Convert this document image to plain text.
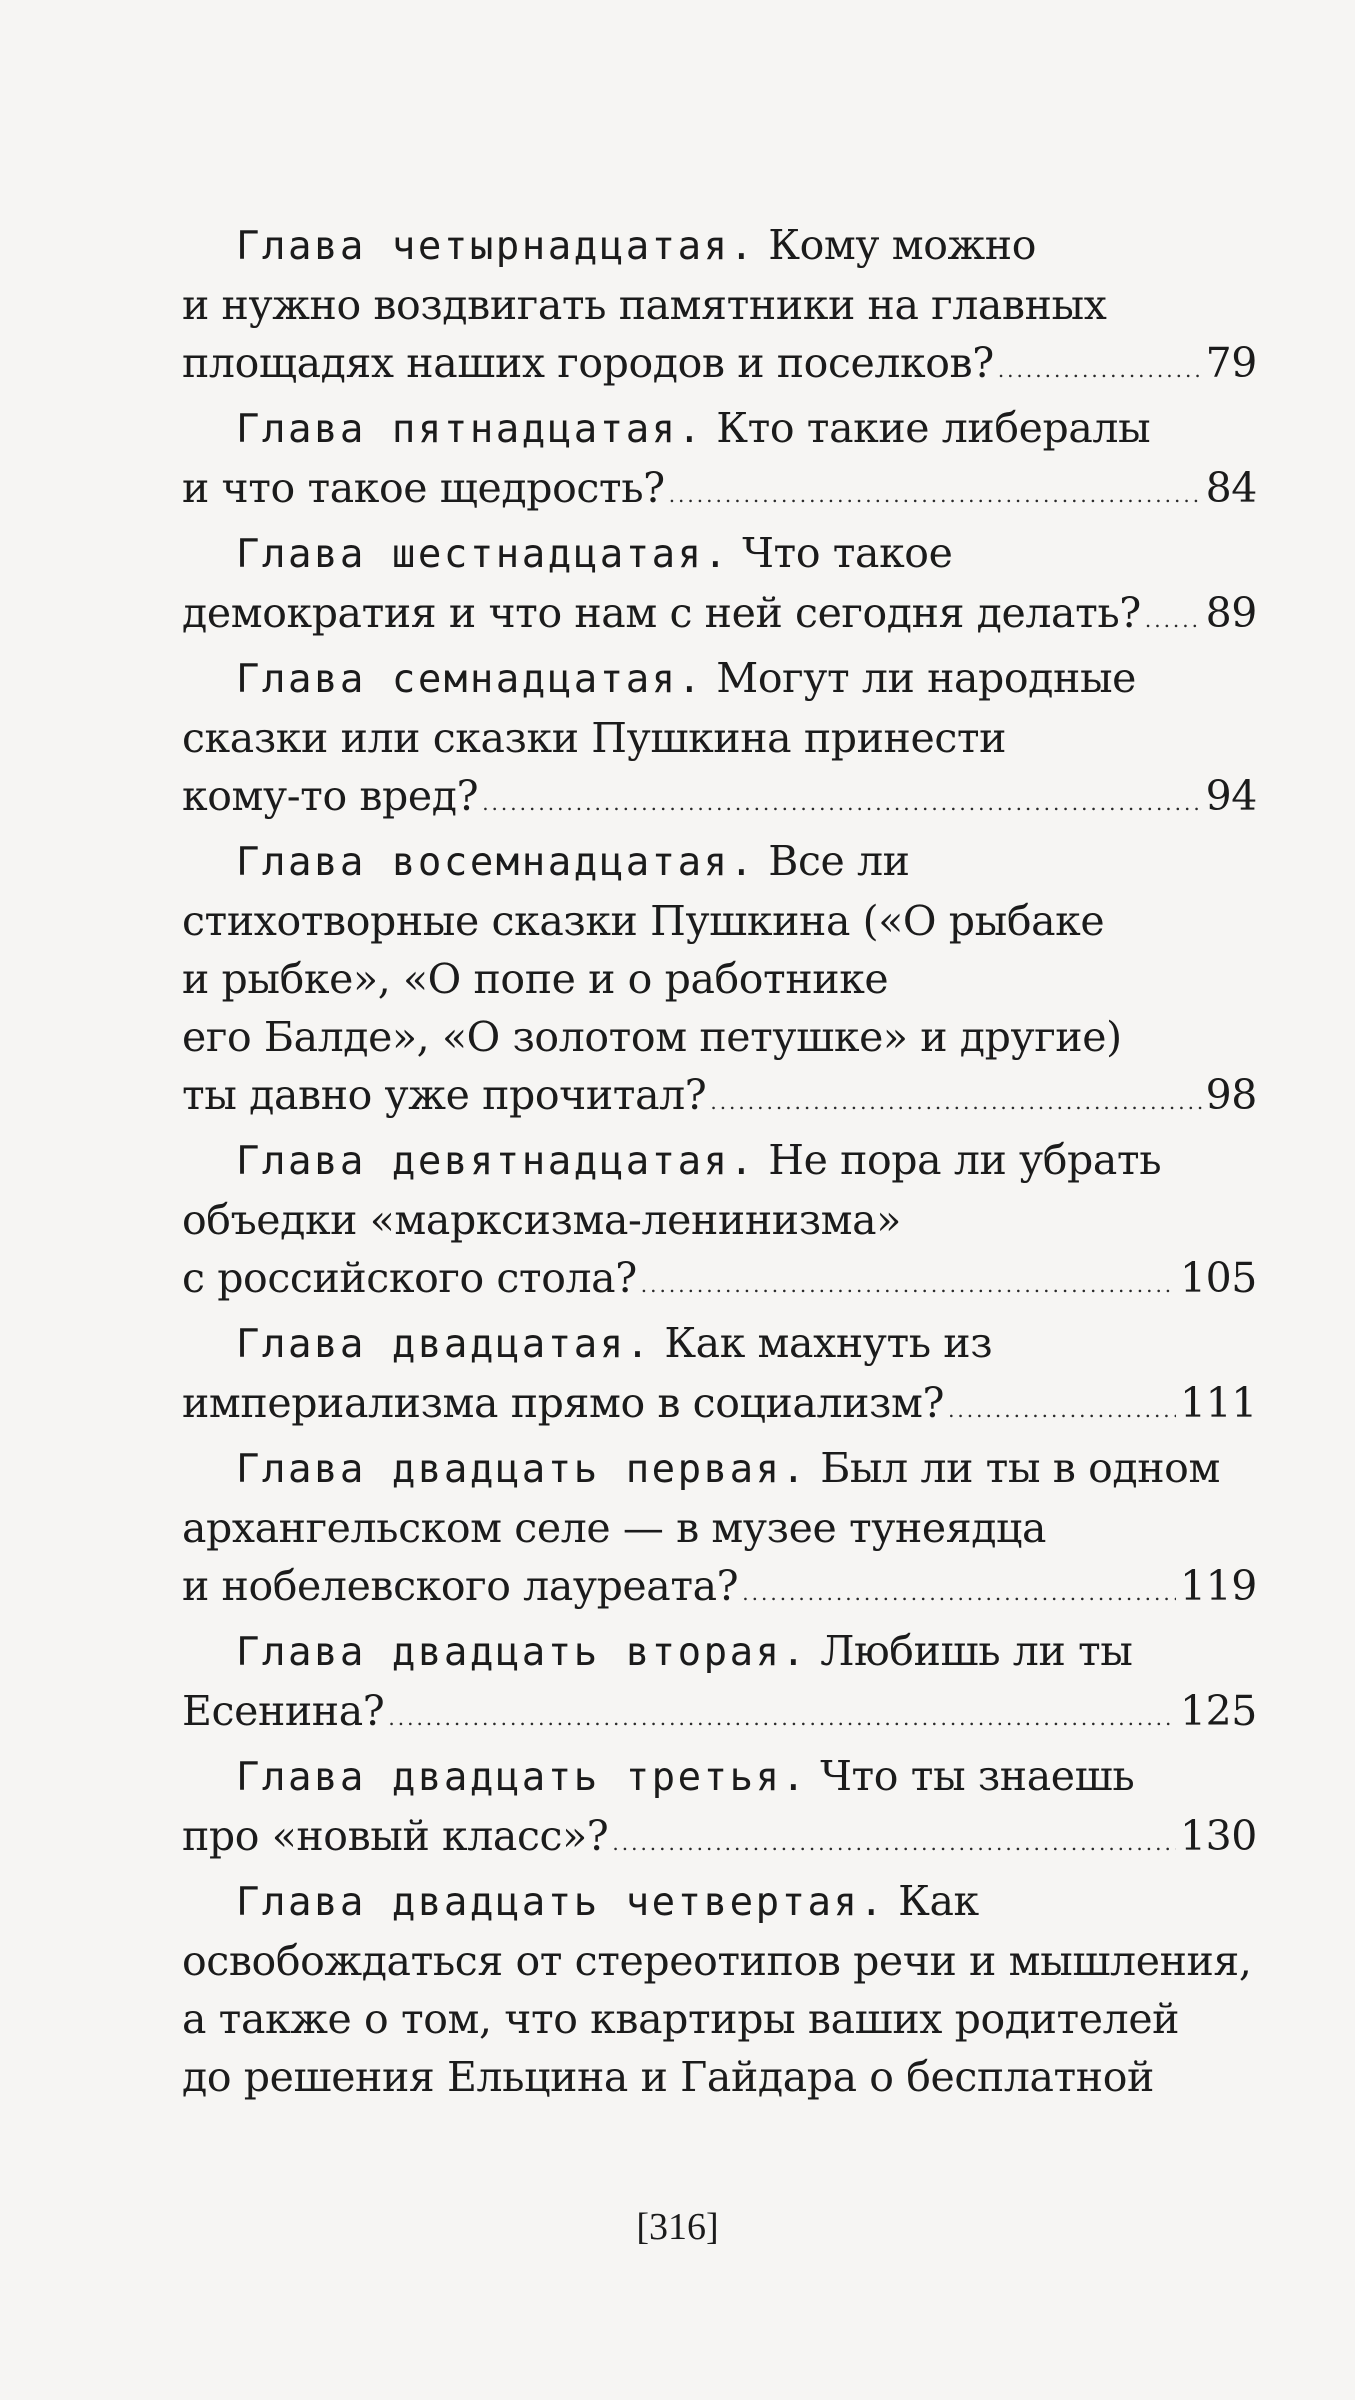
Глава четырнадцатая. Кому можно
и нужно воздвигать памятники на главных
площадях наших городов и поселков? .....	79
Глава пятнадцатая. Кто такие либералы
и что такое щедрость? .....	84
Глава шестнадцатая. Что такое
демократия и что нам с ней сегодня делать? ..... 89
Глава семнадцатая. Могут ли народные
сказки или сказки Пушкина принести
кому-то вред? .....	94
Глава восемнадцатая. Все ли
стихотворные сказки Пушкина («О рыбаке
и рыбке», «О попе и о работнике
его Балде», «О золотом петушке» и другие)
ты давно уже прочитал? .....	98
Глава девятнадцатая. Не пора ли убрать
объедки «марксизма-ленинизма»
с российского стола? .....	105
Глава двадцатая. Как махнуть из
империализма прямо в социализм? .....	111
Глава двадцать первая. Был ли ты в одном
архангельском селе — в музее тунеядца
и нобелевского лауреата? .....	119
Глава двадцать вторая. Любишь ли ты
Есенина? .....	125
Глава двадцать третья. Что ты знаешь
про «новый класс»? .....	130
Глава двадцать четвертая. Как
освобождаться от стереотипов речи и мышления,
а также о том, что квартиры ваших родителей
до решения Ельцина и Гайдара о бесплатной
[316]
